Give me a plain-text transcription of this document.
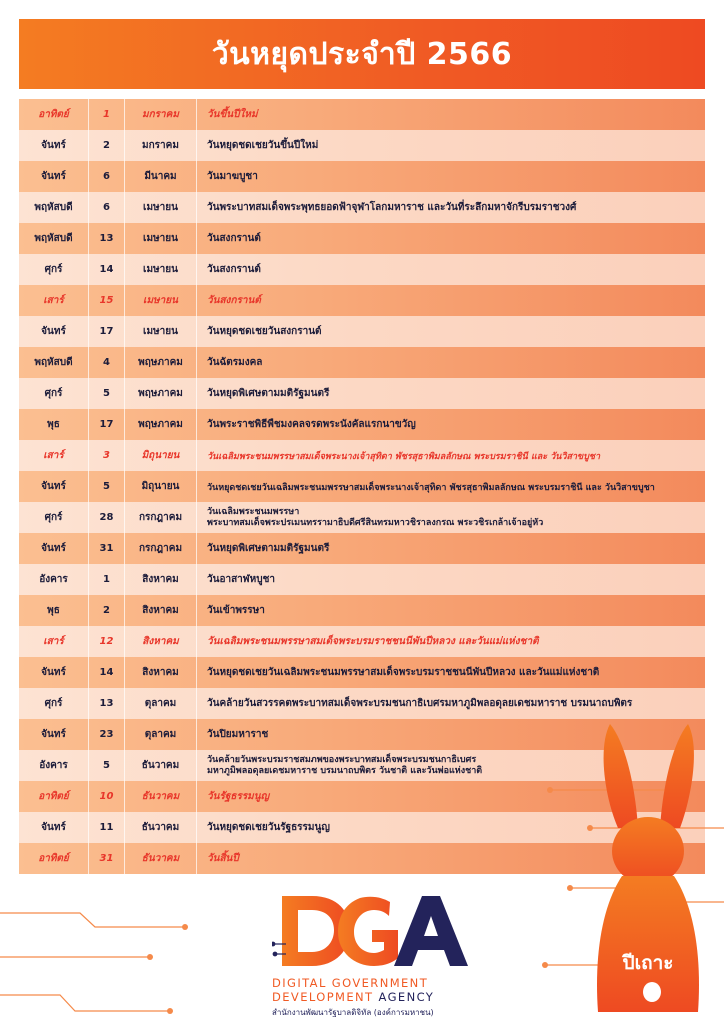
วันหยุดประจำปี 2566
อาทิตย์	1	มกราคม	วันขึ้นปีใหม่
จันทร์	2	มกราคม	วันหยุดชดเชยวันขึ้นปีใหม่
จันทร์	6	มีนาคม	วันมาฆบูชา
พฤหัสบดี	6	เมษายน	วันพระบาทสมเด็จพระพุทธยอดฟ้าจุฬาโลกมหาราช และวันที่ระลึกมหาจักรีบรมราชวงศ์
พฤหัสบดี	13	เมษายน	วันสงกรานต์
ศุกร์	14	เมษายน	วันสงกรานต์
เสาร์	15	เมษายน	วันสงกรานต์
จันทร์	17	เมษายน	วันหยุดชดเชยวันสงกรานต์
พฤหัสบดี	4	พฤษภาคม	วันฉัตรมงคล
ศุกร์	5	พฤษภาคม	วันหยุดพิเศษตามมติรัฐมนตรี
พุธ	17	พฤษภาคม	วันพระราชพิธีพืชมงคลจรดพระนังคัลแรกนาขวัญ
เสาร์	3	มิถุนายน	วันเฉลิมพระชนมพรรษาสมเด็จพระนางเจ้าสุทิดา พัชรสุธาพิมลลักษณ พระบรมราชินี และ วันวิสาขบูชา
จันทร์	5	มิถุนายน	วันหยุดชดเชยวันเฉลิมพระชนมพรรษาสมเด็จพระนางเจ้าสุทิดา พัชรสุธาพิมลลักษณ พระบรมราชินี และ วันวิสาขบูชา
ศุกร์	28	กรกฎาคม
วันเฉลิมพระชนมพรรษา
พระบาทสมเด็จพระปรเมนทรรามาธิบดีศรีสินทรมหาวชิราลงกรณ พระวชิรเกล้าเจ้าอยู่หัว
จันทร์	31	กรกฎาคม	วันหยุดพิเศษตามมติรัฐมนตรี
อังคาร	1	สิงหาคม	วันอาสาฬหบูชา
พุธ	2	สิงหาคม	วันเข้าพรรษา
เสาร์	12	สิงหาคม	วันเฉลิมพระชนมพรรษาสมเด็จพระบรมราชชนนีพันปีหลวง และวันแม่แห่งชาติ
จันทร์	14	สิงหาคม	วันหยุดชดเชยวันเฉลิมพระชนมพรรษาสมเด็จพระบรมราชชนนีพันปีหลวง และวันแม่แห่งชาติ
ศุกร์	13	ตุลาคม	วันคล้ายวันสวรรคตพระบาทสมเด็จพระบรมชนกาธิเบศรมหาภูมิพลอดุลยเดชมหาราช บรมนาถบพิตร
จันทร์	23	ตุลาคม	วันปิยมหาราช
อังคาร	5	ธันวาคม
วันคล้ายวันพระบรมราชสมภพของพระบาทสมเด็จพระบรมชนกาธิเบศร
มหาภูมิพลอดุลยเดชมหาราช บรมนาถบพิตร วันชาติ และวันพ่อแห่งชาติ
อาทิตย์	10	ธันวาคม	วันรัฐธรรมนูญ
จันทร์	11	ธันวาคม	วันหยุดชดเชยวันรัฐธรรมนูญ
อาทิตย์	31	ธันวาคม	วันสิ้นปี
DIGITAL GOVERNMENT
DEVELOPMENT AGENCY
สำนักงานพัฒนารัฐบาลดิจิทัล (องค์การมหาชน)
ปีเถาะ
